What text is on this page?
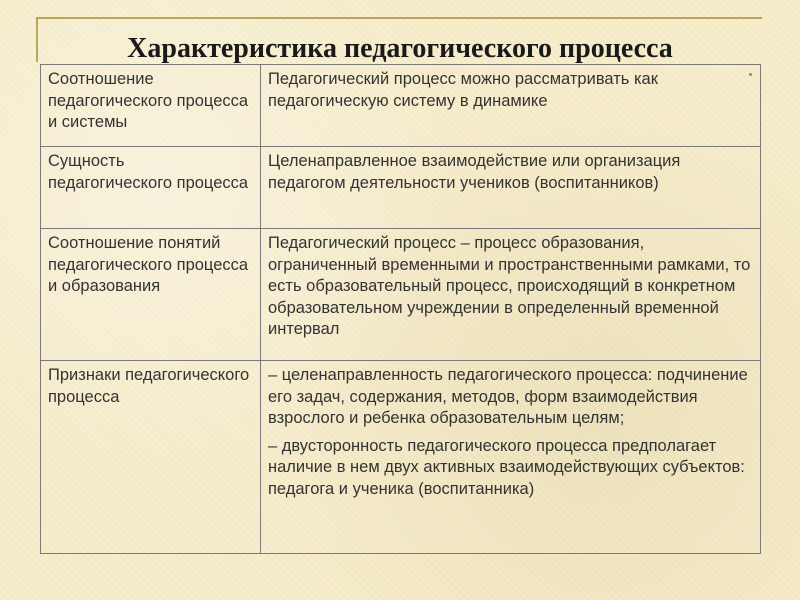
Соотношение педагогического процесса и системы	Педагогический процесс можно рассматривать как педагогическую систему в динамике

Сущность педагогического процесса	Целенаправленное взаимодействие или организация педагогом деятельности учеников (воспитанников)

Соотношение понятий педагогического процесса и образования	Педагогический процесс – процесс образования, ограниченный временными и пространственными рамками, то есть образовательный процесс, происходящий в конкретном образовательном учреждении в определенный временной интервал

Признаки педагогического процесса	– целенаправленность педагогического процесса: подчинение его задач, содержания, методов, форм взаимодействия взрослого и ребенка образовательным целям;

– двусторонность педагогического процесса предполагает наличие в нем двух активных взаимодействующих субъектов: педагога и ученика (воспитанника)

Характеристика педагогического процесса
